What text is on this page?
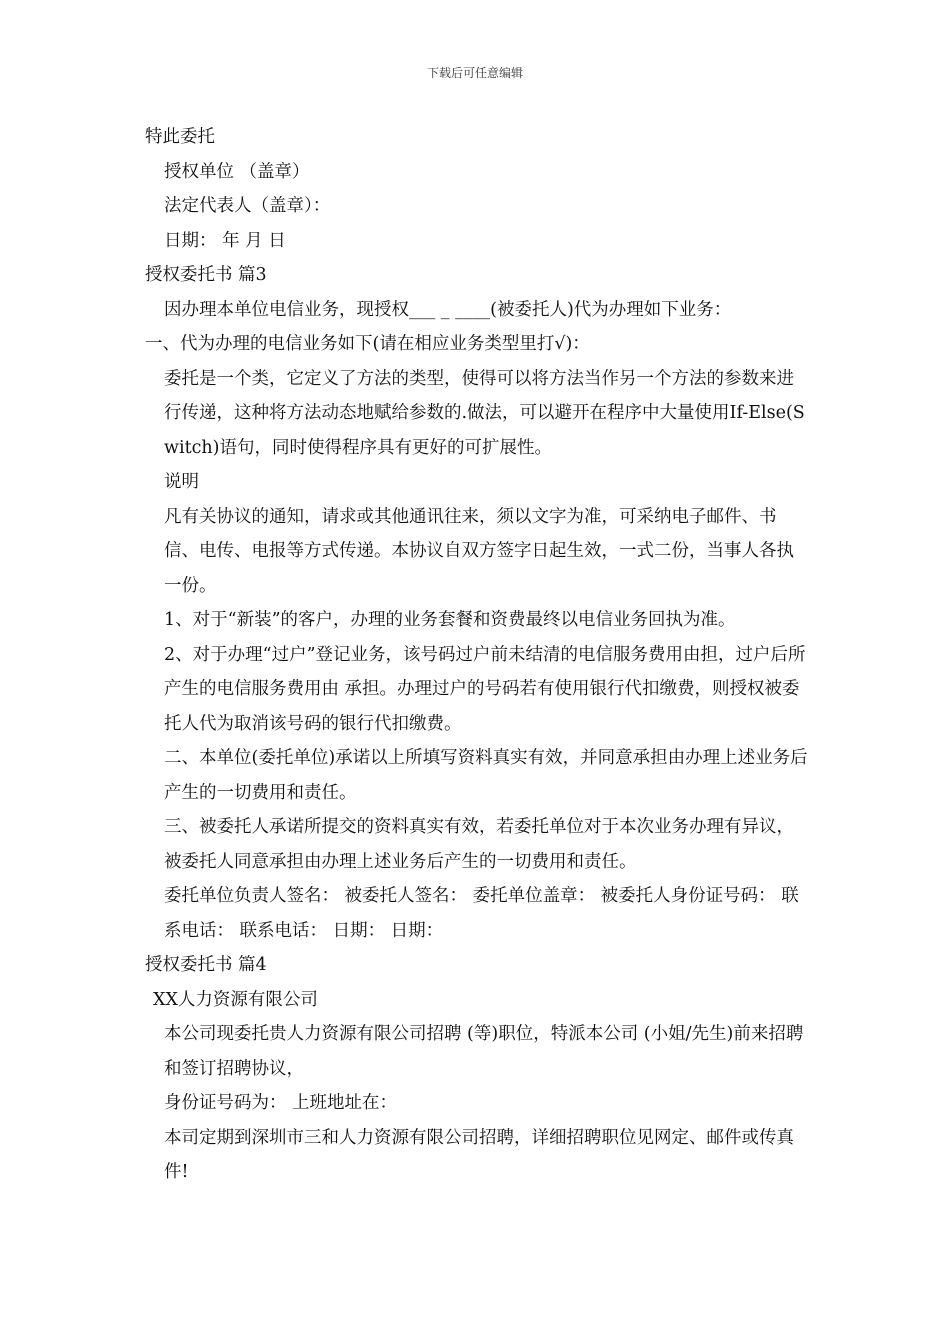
下载后可任意编辑

特此委托

授权单位 （盖章）

法定代表人（盖章）：

日期： 年 月 日

授权委托书 篇3

因办理本单位电信业务，现授权___ _ ____(被委托人)代为办理如下业务：

一、代为办理的电信业务如下(请在相应业务类型里打√)：

委托是一个类，它定义了方法的类型，使得可以将方法当作另一个方法的参数来进行传递，这种将方法动态地赋给参数的.做法，可以避开在程序中大量使用If-Else(Switch)语句，同时使得程序具有更好的可扩展性。

说明

凡有关协议的通知，请求或其他通讯往来，须以文字为准，可采纳电子邮件、书信、电传、电报等方式传递。本协议自双方签字日起生效，一式二份，当事人各执一份。

1、对于“新装”的客户，办理的业务套餐和资费最终以电信业务回执为准。

2、对于办理“过户”登记业务，该号码过户前未结清的电信服务费用由担，过户后所产生的电信服务费用由 承担。办理过户的号码若有使用银行代扣缴费，则授权被委托人代为取消该号码的银行代扣缴费。

二、本单位(委托单位)承诺以上所填写资料真实有效，并同意承担由办理上述业务后产生的一切费用和责任。

三、被委托人承诺所提交的资料真实有效，若委托单位对于本次业务办理有异议，被委托人同意承担由办理上述业务后产生的一切费用和责任。

委托单位负责人签名： 被委托人签名： 委托单位盖章： 被委托人身份证号码： 联系电话： 联系电话： 日期： 日期：

授权委托书 篇4

XX人力资源有限公司

本公司现委托贵人力资源有限公司招聘 (等)职位，特派本公司 (小姐/先生)前来招聘和签订招聘协议，

身份证号码为： 上班地址在：

本司定期到深圳市三和人力资源有限公司招聘，详细招聘职位见网定、邮件或传真件!
